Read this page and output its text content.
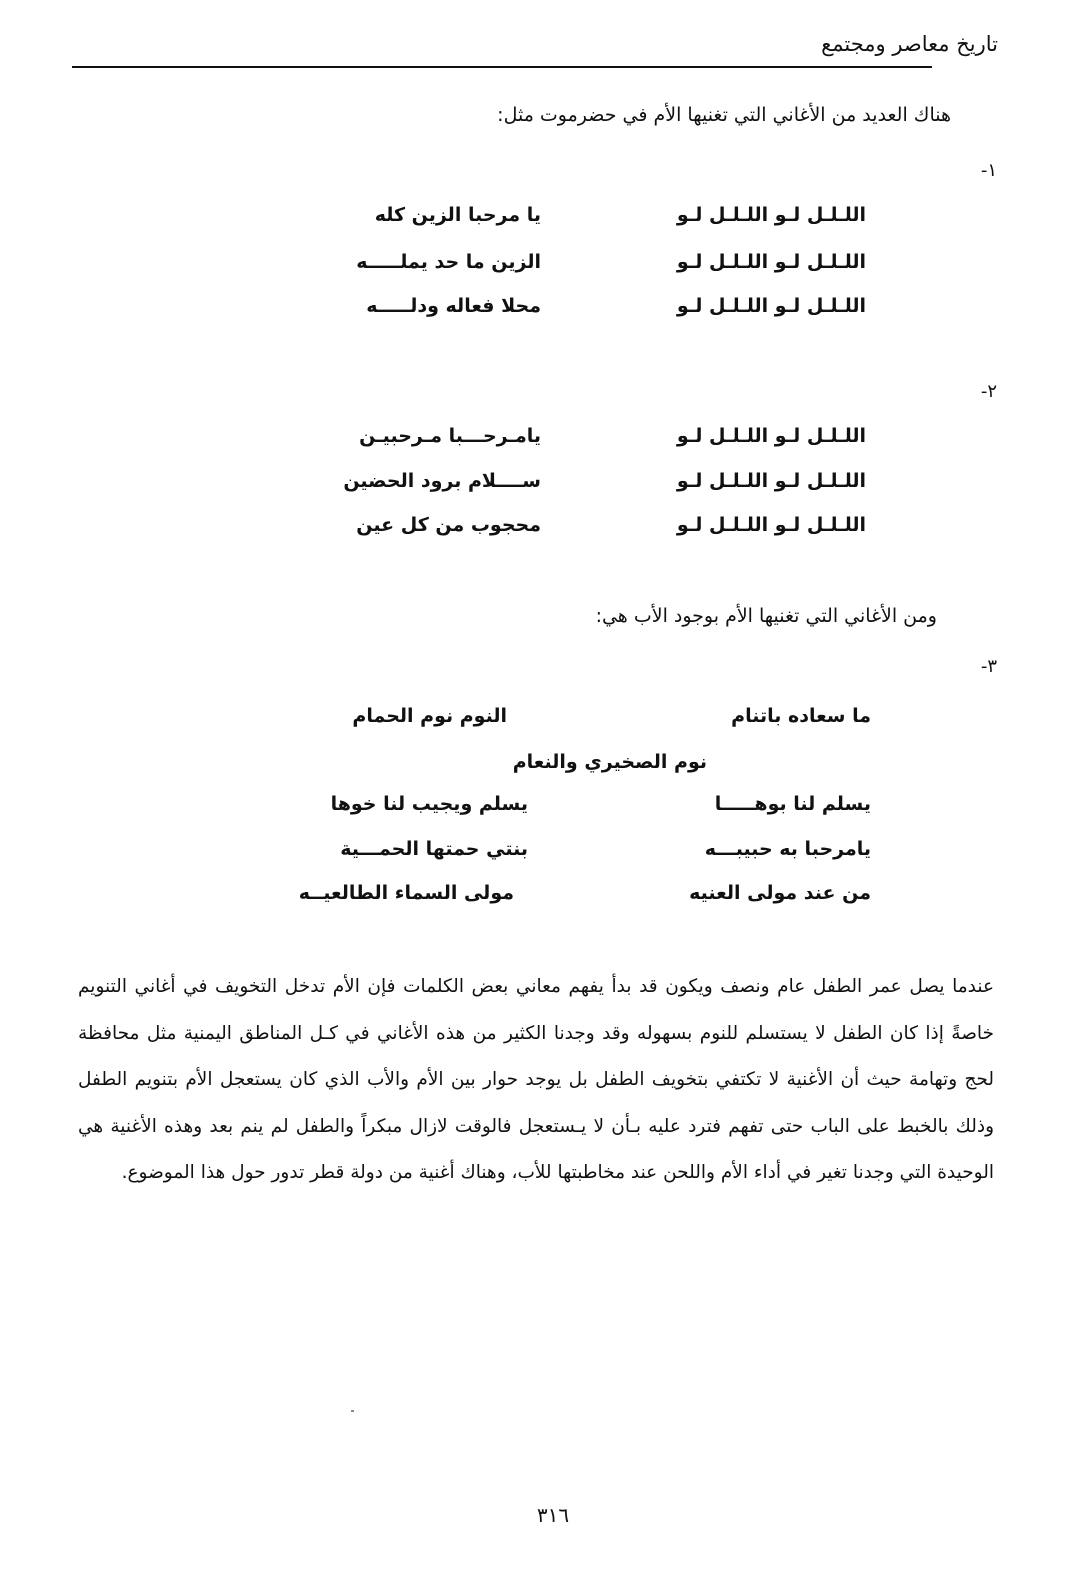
تاريخ معاصر ومجتمع
هناك العديد من الأغاني التي تغنيها الأم في حضرموت مثل:
١-
اللـلـل لـو اللـلـل لـو
يا مرحبا الزين كله
اللـلـل لـو اللـلـل لـو
الزين ما حد يملـــــه
اللـلـل لـو اللـلـل لـو
محلا فعاله ودلـــــه
٢-
اللـلـل لـو اللـلـل لـو
يامـرحـــبا مـرحبيـن
اللـلـل لـو اللـلـل لـو
ســــلام برود الحضين
اللـلـل لـو اللـلـل لـو
محجوب من كل عين
ومن الأغاني التي تغنيها الأم بوجود الأب هي:
٣-
ما سعاده باتنام
النوم نوم الحمام
نوم الصخيري والنعام
يسلم لنا بوهـــــا
يسلم ويجيب لنا خوها
يامرحبا به حبيبـــه
بنتي حمتها الحمـــية
من عند مولى العنيه
مولى السماء الطالعيــه
عندما يصل عمر الطفل عام ونصف ويكون قد بدأ يفهم معاني بعض الكلمات فإن الأم تدخل التخويف في أغاني التنويم خاصةً إذا كان الطفل لا يستسلم للنوم بسهوله وقد وجدنا الكثير من هذه الأغاني في كـل المناطق اليمنية مثل محافظة لحج وتهامة حيث أن الأغنية لا تكتفي بتخويف الطفل بل يوجد حوار بين الأم والأب الذي كان يستعجل الأم بتنويم الطفل وذلك بالخبط على الباب حتى تفهم فترد عليه بـأن لا يـستعجل فالوقت لازال مبكراً والطفل لم ينم بعد وهذه الأغنية هي الوحيدة التي وجدنا تغير في أداء الأم واللحن عند مخاطبتها للأب، وهناك أغنية من دولة قطر تدور حول هذا الموضوع.
٣١٦
